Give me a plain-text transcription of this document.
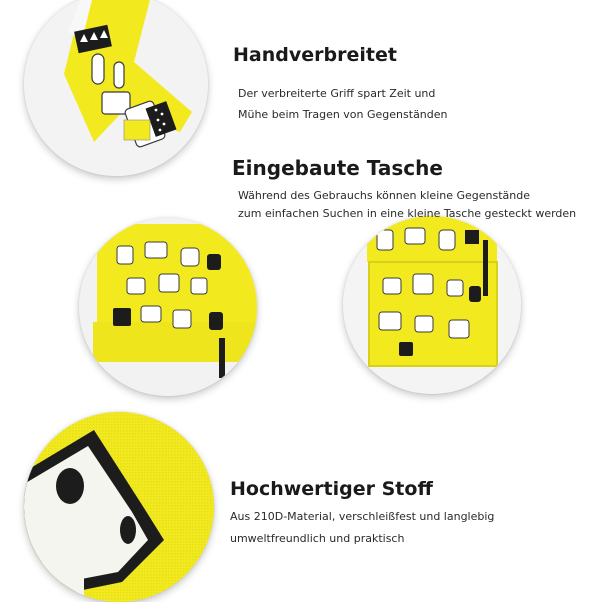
Handverbreitet

Der verbreiterte Griff spart Zeit und

Mühe beim Tragen von Gegenständen

Eingebaute Tasche

Während des Gebrauchs können kleine Gegenstände

zum einfachen Suchen in eine kleine Tasche gesteckt werden

Hochwertiger Stoff

Aus 210D-Material, verschleißfest und langlebig

umweltfreundlich und praktisch
